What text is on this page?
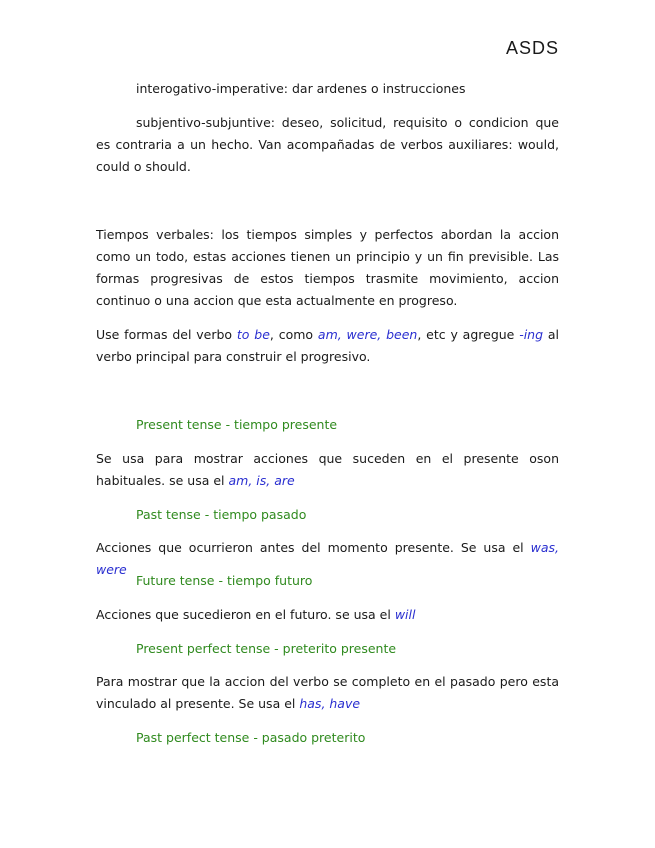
ASDS

interogativo-imperative: dar ardenes o instrucciones

subjentivo-subjuntive: deseo, solicitud, requisito o condicion que es contraria a un hecho. Van acompañadas de verbos auxiliares: would, could o should.

Tiempos verbales: los tiempos simples y perfectos abordan la accion como un todo, estas acciones tienen un principio y un fin previsible. Las formas progresivas de estos tiempos trasmite movimiento, accion continuo o una accion que esta actualmente en progreso.

Use formas del verbo to be, como am, were, been, etc y agregue -ing al verbo principal para construir el progresivo.

Present tense - tiempo presente

Se usa para mostrar acciones que suceden en el presente oson habituales. se usa el am, is, are

Past tense - tiempo pasado

Acciones que ocurrieron antes del momento presente. Se usa el was, were

Future tense - tiempo futuro

Acciones que sucedieron en el futuro. se usa el will

Present perfect tense - preterito presente

Para mostrar que la accion del verbo se completo en el pasado pero esta vinculado al presente. Se usa el has, have

Past perfect tense - pasado preterito
